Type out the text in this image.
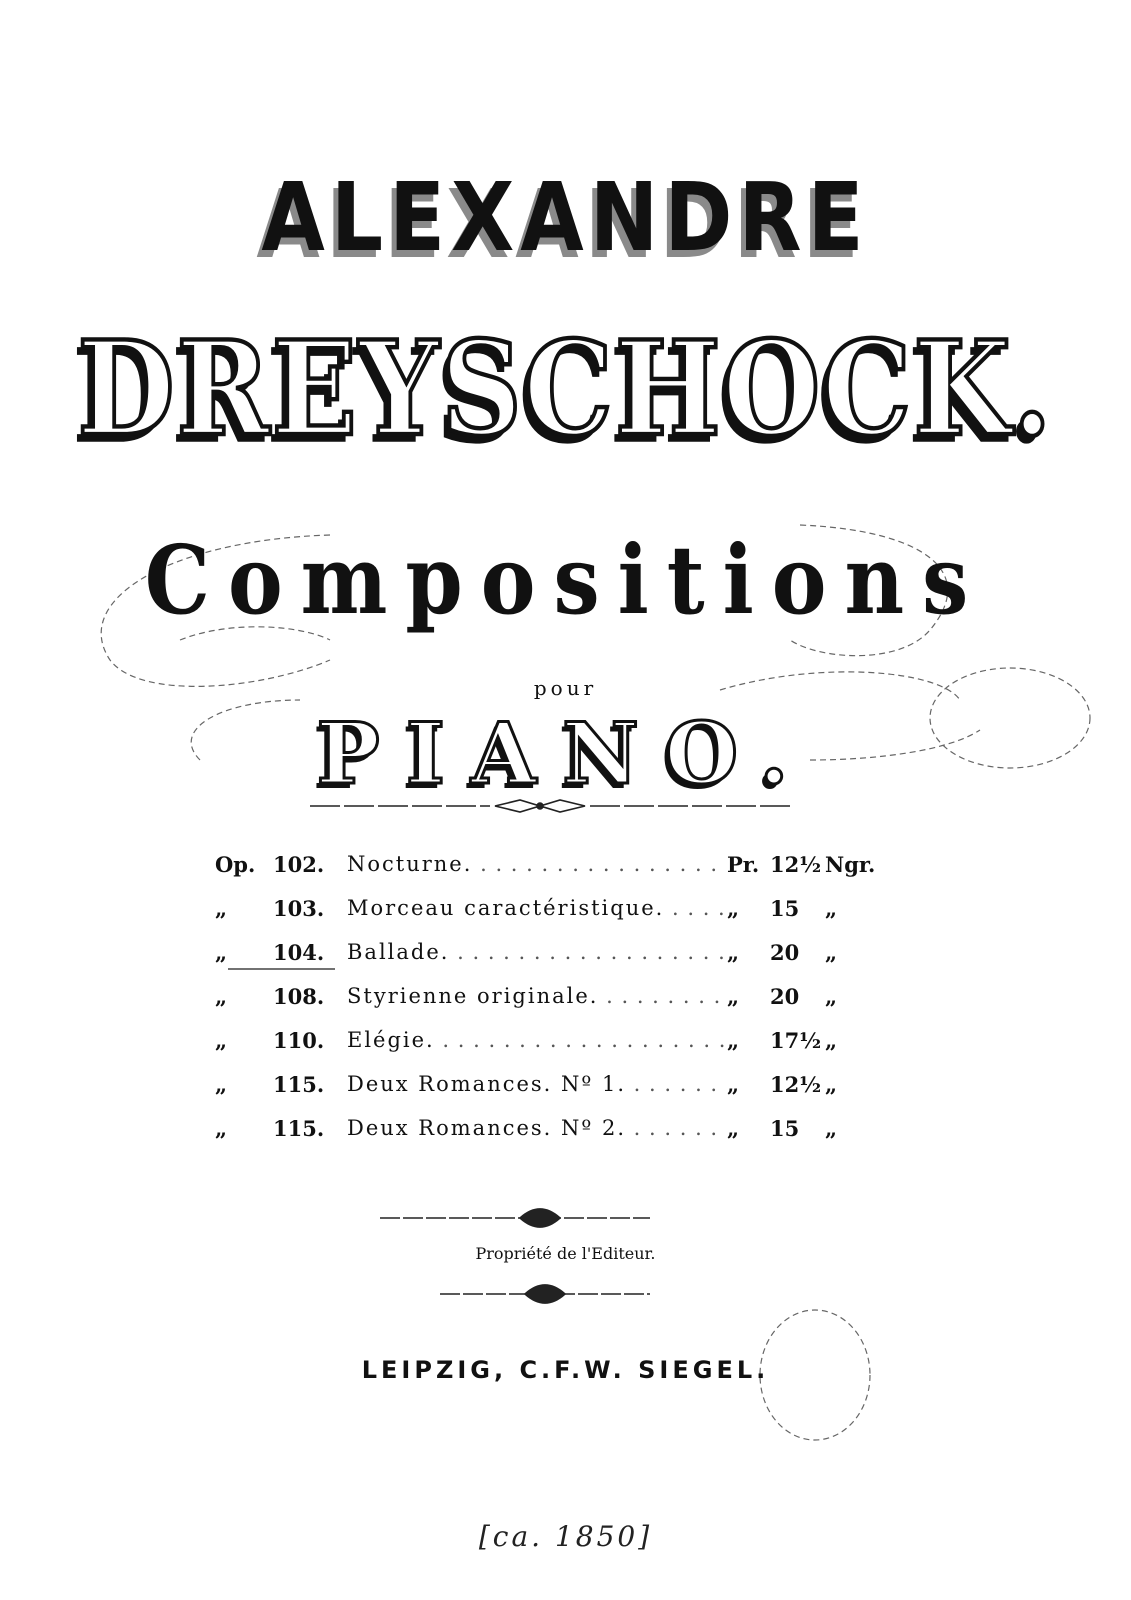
ALEXANDRE
DREYSCHOCK.
Compositions
pour
PIANO.
Op. 102.	Nocturne. . . .	Pr. 12½ Ngr.
„	103.	Morceau caractéristique. . . .	„	15	„
„	104.	Ballade. . . .	„	20	„
„	108.	Styrienne originale. . . .	„	20	„
„	110.	Elégie. . . .	„	17½ „
„	115.	Deux Romances. Nº 1. . . .	„	12½ „
„	115.	Deux Romances. Nº 2. . . .	„	15	„
Propriété de l'Editeur.
LEIPZIG, C.F.W. SIEGEL.
[ca. 1850]
